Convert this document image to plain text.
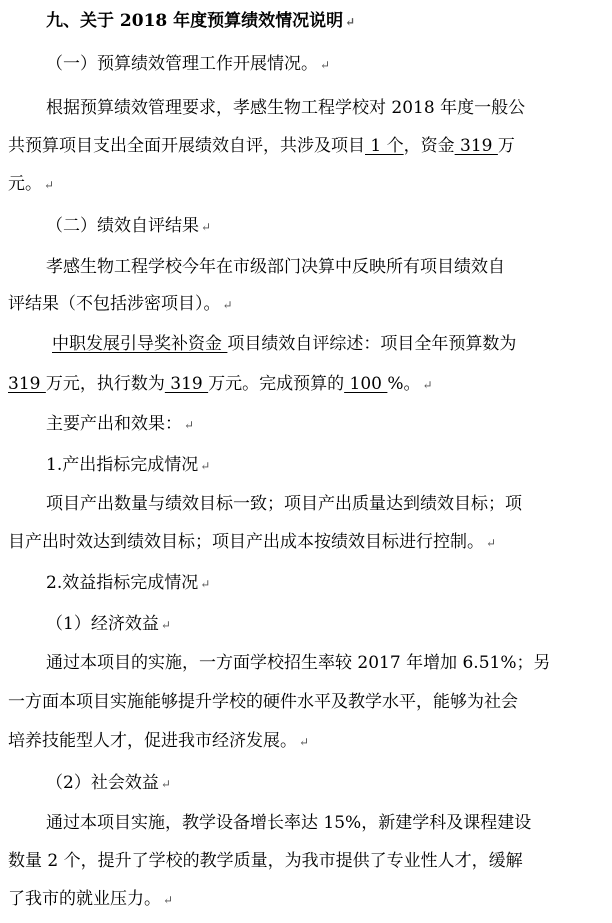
九、关于 2018 年度预算绩效情况说明 ↵
（一）预算绩效管理工作开展情况。 ↵
根据预算绩效管理要求，孝感生物工程学校对 2018 年度一般公
共预算项目支出全面开展绩效自评，共涉及项目 1 个，资金 319 万
元。 ↵
（二）绩效自评结果 ↵
孝感生物工程学校今年在市级部门决算中反映所有项目绩效自
评结果（不包括涉密项目）。 ↵
中职发展引导奖补资金 项目绩效自评综述：项目全年预算数为
319 万元，执行数为 319 万元。完成预算的 100 %。 ↵
主要产出和效果： ↵
1.产出指标完成情况 ↵
项目产出数量与绩效目标一致；项目产出质量达到绩效目标；项
目产出时效达到绩效目标；项目产出成本按绩效目标进行控制。 ↵
2.效益指标完成情况 ↵
（1）经济效益 ↵
通过本项目的实施，一方面学校招生率较 2017 年增加 6.51%；另
一方面本项目实施能够提升学校的硬件水平及教学水平，能够为社会
培养技能型人才，促进我市经济发展。 ↵
（2）社会效益 ↵
通过本项目实施，教学设备增长率达 15%，新建学科及课程建设
数量 2 个，提升了学校的教学质量，为我市提供了专业性人才，缓解
了我市的就业压力。 ↵
